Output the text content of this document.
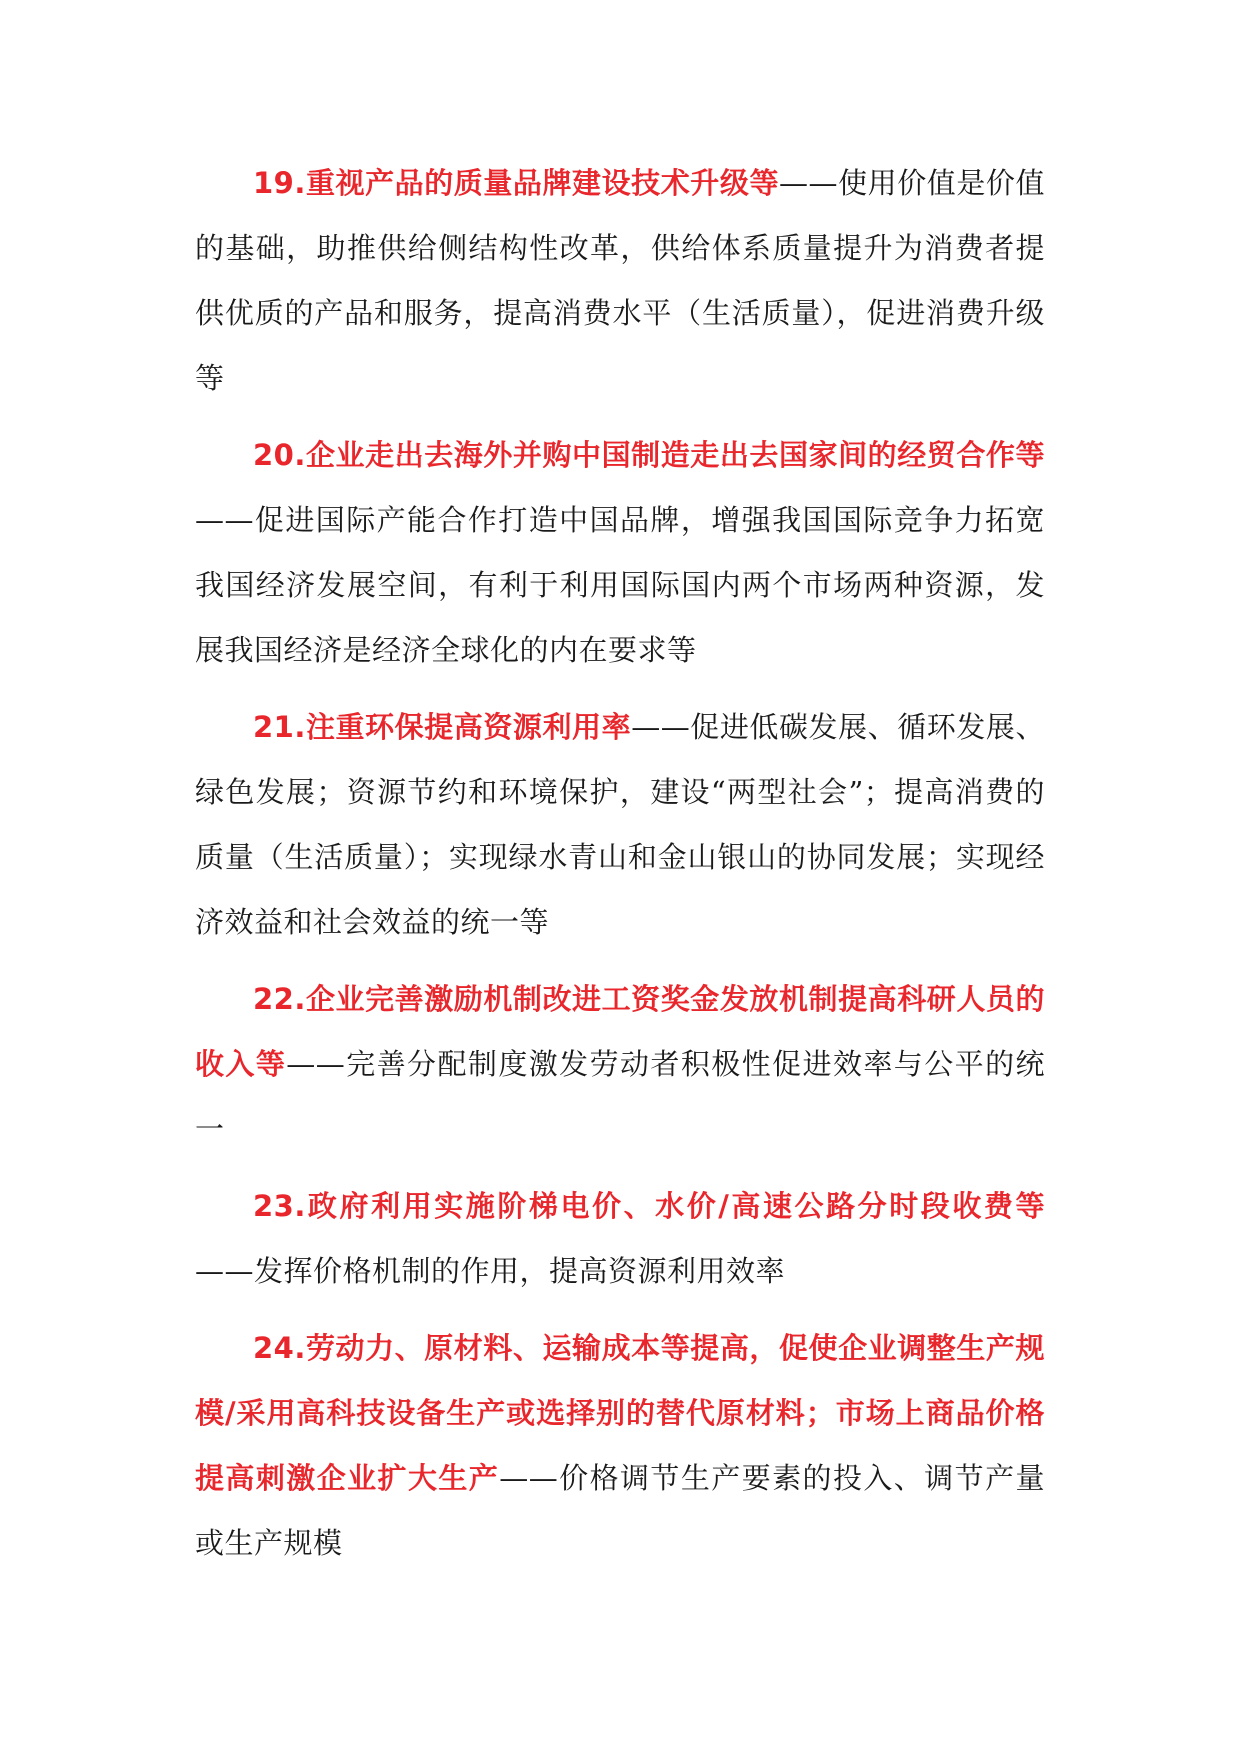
19.重视产品的质量品牌建设技术升级等——使用价值是价值的基础，助推供给侧结构性改革，供给体系质量提升为消费者提供优质的产品和服务，提高消费水平（生活质量），促进消费升级等

20.企业走出去海外并购中国制造走出去国家间的经贸合作等——促进国际产能合作打造中国品牌，增强我国国际竞争力拓宽我国经济发展空间，有利于利用国际国内两个市场两种资源，发展我国经济是经济全球化的内在要求等

21.注重环保提高资源利用率——促进低碳发展、循环发展、绿色发展；资源节约和环境保护，建设“两型社会”；提高消费的质量（生活质量）；实现绿水青山和金山银山的协同发展；实现经济效益和社会效益的统一等

22.企业完善激励机制改进工资奖金发放机制提高科研人员的收入等——完善分配制度激发劳动者积极性促进效率与公平的统一

23.政府利用实施阶梯电价、水价/高速公路分时段收费等——发挥价格机制的作用，提高资源利用效率

24.劳动力、原材料、运输成本等提高，促使企业调整生产规模/采用高科技设备生产或选择别的替代原材料；市场上商品价格提高刺激企业扩大生产——价格调节生产要素的投入、调节产量或生产规模
